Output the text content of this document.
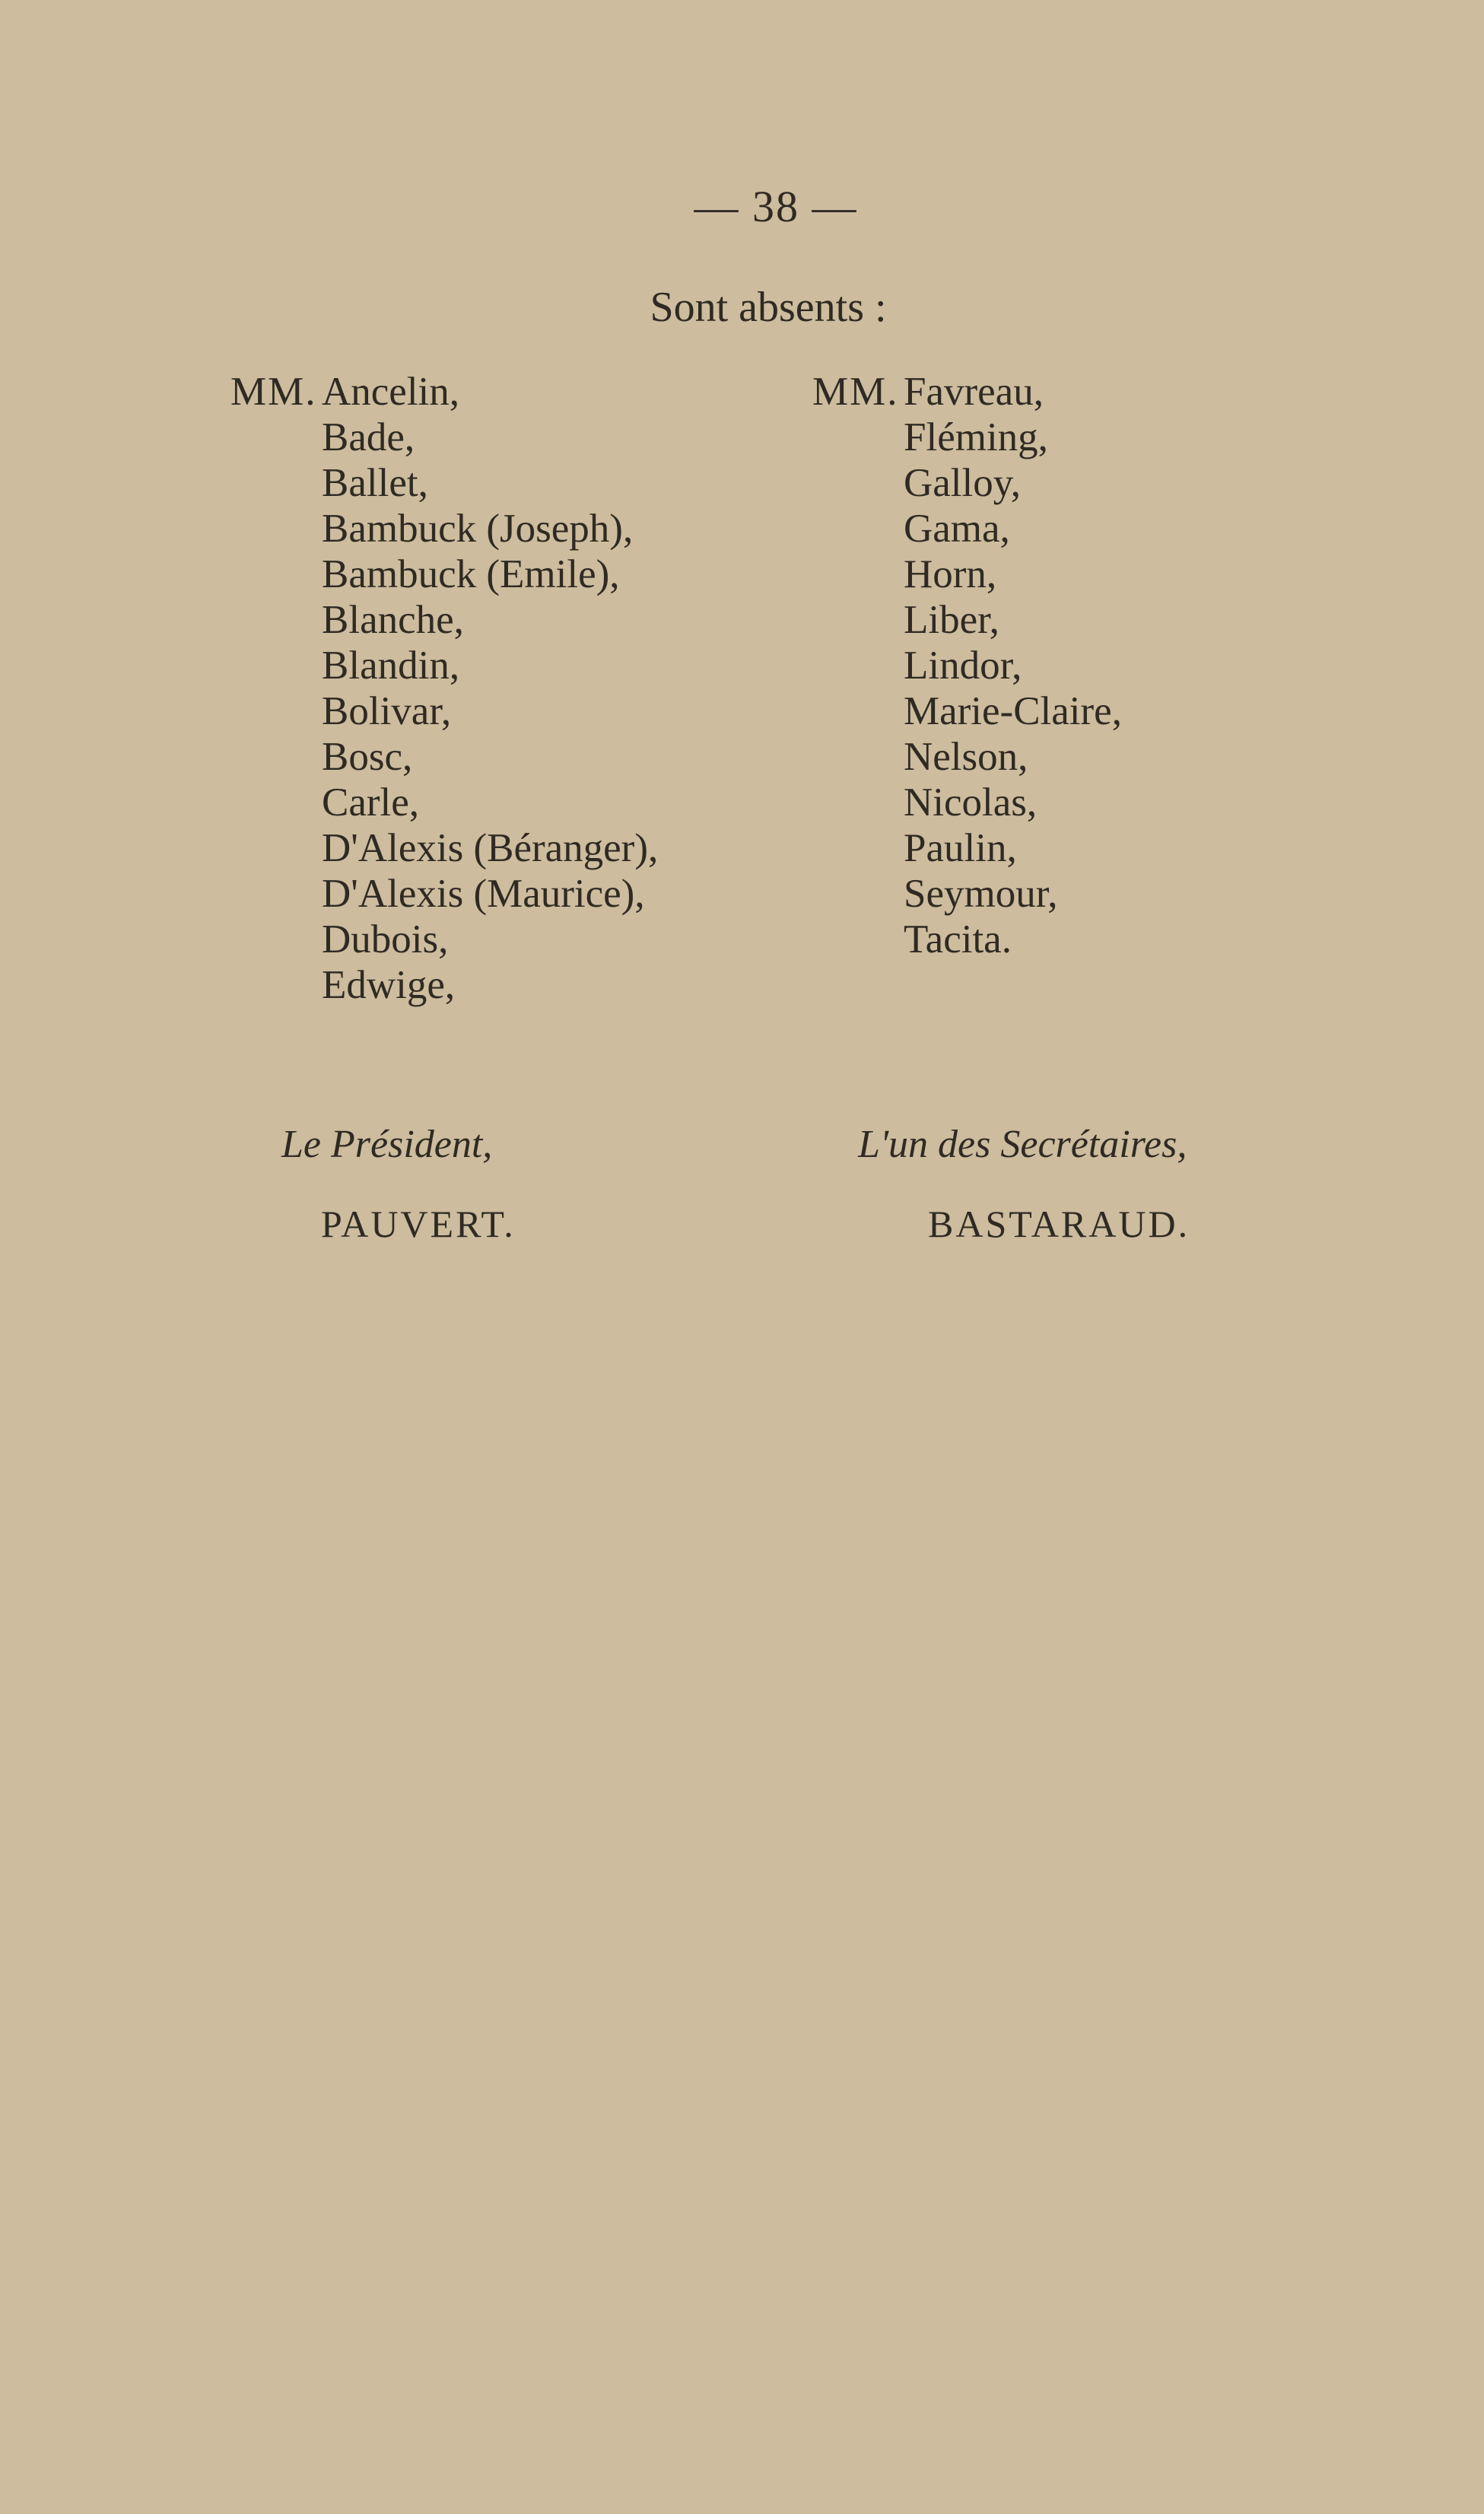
— 38 —
Sont absents :
MM. Ancelin,
Bade,
Ballet,
Bambuck (Joseph),
Bambuck (Emile),
Blanche,
Blandin,
Bolivar,
Bosc,
Carle,
D'Alexis (Béranger),
D'Alexis (Maurice),
Dubois,
Edwige,
MM. Favreau,
Fléming,
Galloy,
Gama,
Horn,
Liber,
Lindor,
Marie-Claire,
Nelson,
Nicolas,
Paulin,
Seymour,
Tacita.
Le Président,
PAUVERT.
L'un des Secrétaires,
BASTARAUD.
